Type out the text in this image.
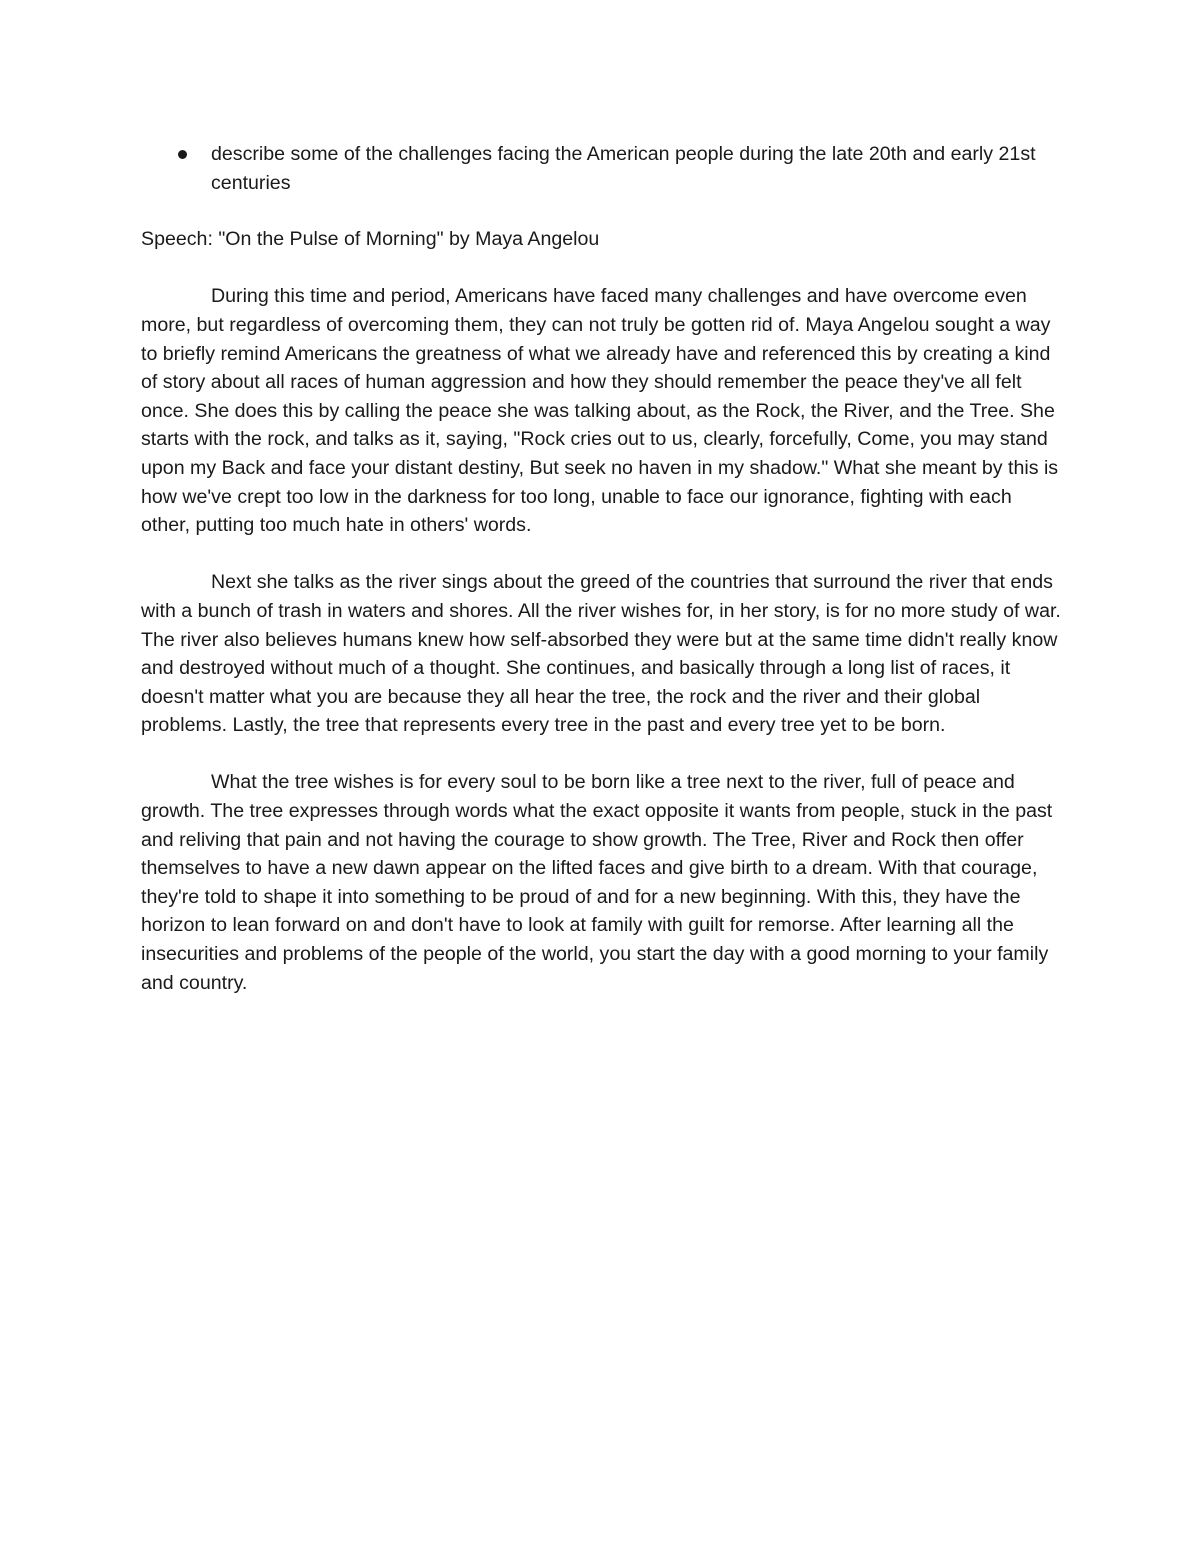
describe some of the challenges facing the American people during the late 20th and early 21st centuries

Speech: "On the Pulse of Morning" by Maya Angelou

During this time and period, Americans have faced many challenges and have overcome even more, but regardless of overcoming them, they can not truly be gotten rid of. Maya Angelou sought a way to briefly remind Americans the greatness of what we already have and referenced this by creating a kind of story about all races of human aggression and how they should remember the peace they've all felt once. She does this by calling the peace she was talking about, as the Rock, the River, and the Tree. She starts with the rock, and talks as it, saying, "Rock cries out to us, clearly, forcefully, Come, you may stand upon my Back and face your distant destiny, But seek no haven in my shadow." What she meant by this is how we've crept too low in the darkness for too long, unable to face our ignorance, fighting with each other, putting too much hate in others' words.

Next she talks as the river sings about the greed of the countries that surround the river that ends with a bunch of trash in waters and shores. All the river wishes for, in her story, is for no more study of war. The river also believes humans knew how self-absorbed they were but at the same time didn't really know and destroyed without much of a thought. She continues, and basically through a long list of races, it doesn't matter what you are because they all hear the tree, the rock and the river and their global problems. Lastly, the tree that represents every tree in the past and every tree yet to be born.

What the tree wishes is for every soul to be born like a tree next to the river, full of peace and growth. The tree expresses through words what the exact opposite it wants from people, stuck in the past and reliving that pain and not having the courage to show growth. The Tree, River and Rock then offer themselves to have a new dawn appear on the lifted faces and give birth to a dream. With that courage, they're told to shape it into something to be proud of and for a new beginning. With this, they have the horizon to lean forward on and don't have to look at family with guilt for remorse. After learning all the insecurities and problems of the people of the world, you start the day with a good morning to your family and country.
